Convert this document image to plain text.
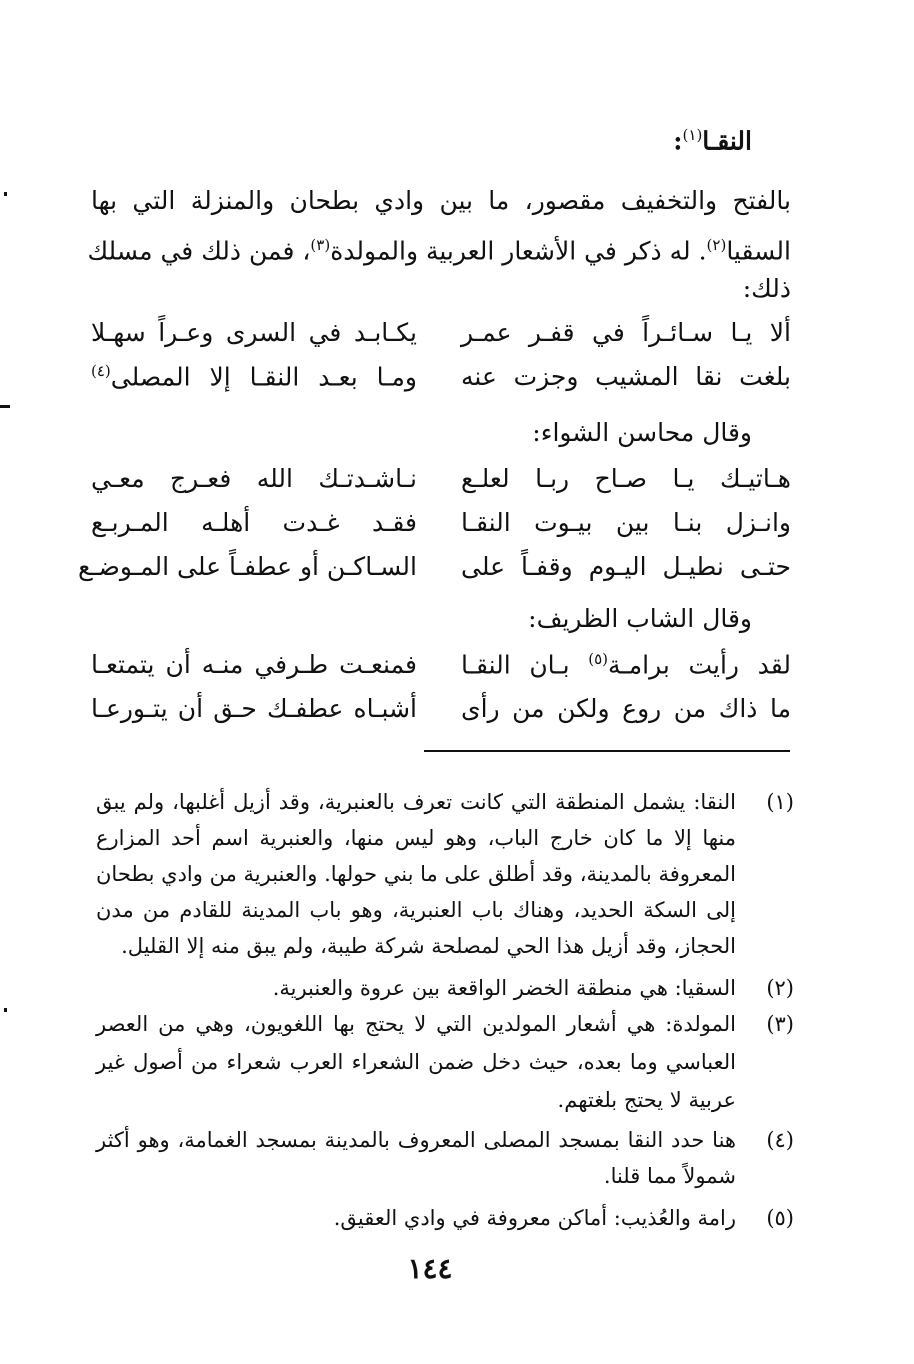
النقـا$^{(١)}$:
بالفتح والتخفيف مقصور، ما بين وادي بطحان والمنزلة التي بها
السقيا$^{(٢)}$. له ذكر في الأشعار العربية والمولدة$^{(٣)}$، فمن ذلك في مسلك
ذلك:
ألا يـا سـائـراً في قفـر عمـر
يكـابـد في السرى وعـراً سهـلا
بلغت نقا المشيب وجزت عنه
ومـا بعـد النقـا إلا المصلى$^{(٤)}$
وقال محاسن الشواء:
هـاتيـك يـا صـاح ربـا لعلـع
نـاشـدتـك الله فعـرج معـي
وانـزل بنـا بين بيـوت النقـا
فقـد غـدت أهلـه المـربـع
حتـى نطيـل اليـوم وقفـاً على
السـاكـن أو عطفـاً على المـوضـع
وقال الشاب الظريف:
لقد رأيت برامـة$^{(٥)}$ بـان النقـا
فمنعـت طـرفي منـه أن يتمتعـا
ما ذاك من روع ولكن من رأى
أشبـاه عطفـك حـق أن يتـورعـا
(١)
النقا: يشمل المنطقة التي كانت تعرف بالعنبرية، وقد أزيل أغلبها، ولم يبق
منها إلا ما كان خارج الباب، وهو ليس منها، والعنبرية اسم أحد المزارع
المعروفة بالمدينة، وقد أطلق على ما بني حولها. والعنبرية من وادي بطحان
إلى السكة الحديد، وهناك باب العنبرية، وهو باب المدينة للقادم من مدن
الحجاز، وقد أزيل هذا الحي لمصلحة شركة طيبة، ولم يبق منه إلا القليل.
(٢)
السقيا: هي منطقة الخضر الواقعة بين عروة والعنبرية.
(٣)
المولدة: هي أشعار المولدين التي لا يحتج بها اللغويون، وهي من العصر
العباسي وما بعده، حيث دخل ضمن الشعراء العرب شعراء من أصول غير
عربية لا يحتج بلغتهم.
(٤)
هنا حدد النقا بمسجد المصلى المعروف بالمدينة بمسجد الغمامة، وهو أكثر
شمولاً مما قلنا.
(٥)
رامة والعُذيب: أماكن معروفة في وادي العقيق.
١٤٤
